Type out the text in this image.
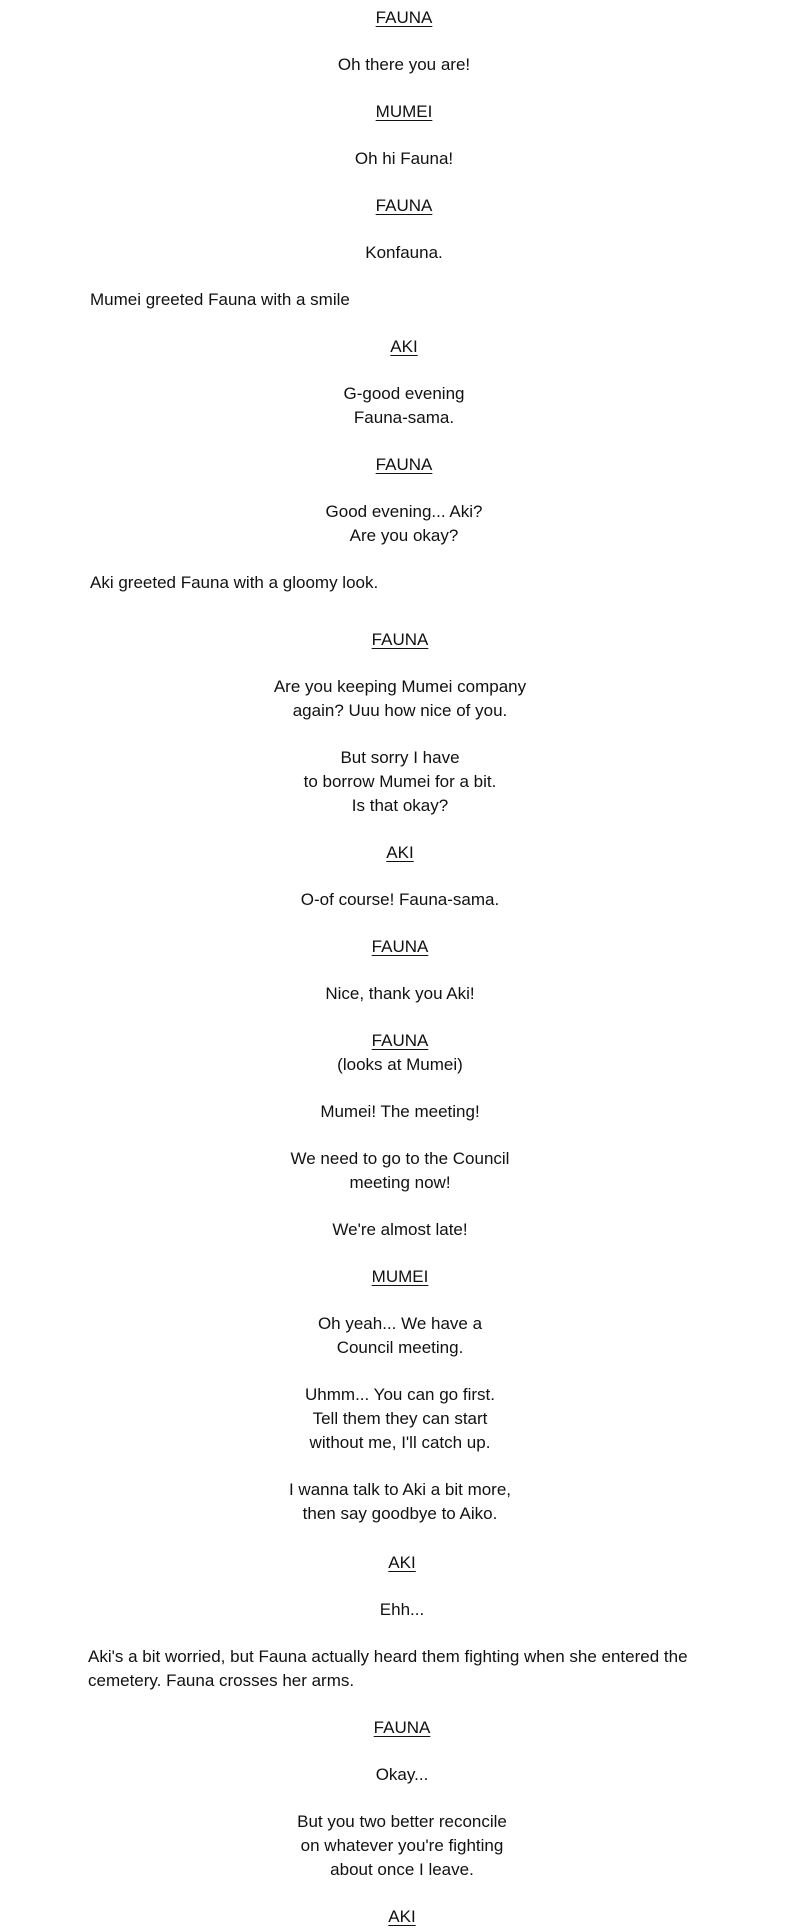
FAUNA
Oh there you are!
MUMEI
Oh hi Fauna!
FAUNA
Konfauna.
Mumei greeted Fauna with a smile
AKI
G-good evening
Fauna-sama.
FAUNA
Good evening... Aki?
Are you okay?
Aki greeted Fauna with a gloomy look.
FAUNA
Are you keeping Mumei company
again? Uuu how nice of you.
But sorry I have
to borrow Mumei for a bit.
Is that okay?
AKI
O-of course! Fauna-sama.
FAUNA
Nice, thank you Aki!
FAUNA
(looks at Mumei)
Mumei! The meeting!
We need to go to the Council
meeting now!
We're almost late!
MUMEI
Oh yeah... We have a
Council meeting.
Uhmm... You can go first.
Tell them they can start
without me, I'll catch up.
I wanna talk to Aki a bit more,
then say goodbye to Aiko.
AKI
Ehh...
Aki's a bit worried, but Fauna actually heard them fighting when she entered the
cemetery. Fauna crosses her arms.
FAUNA
Okay...
But you two better reconcile
on whatever you're fighting
about once I leave.
AKI
